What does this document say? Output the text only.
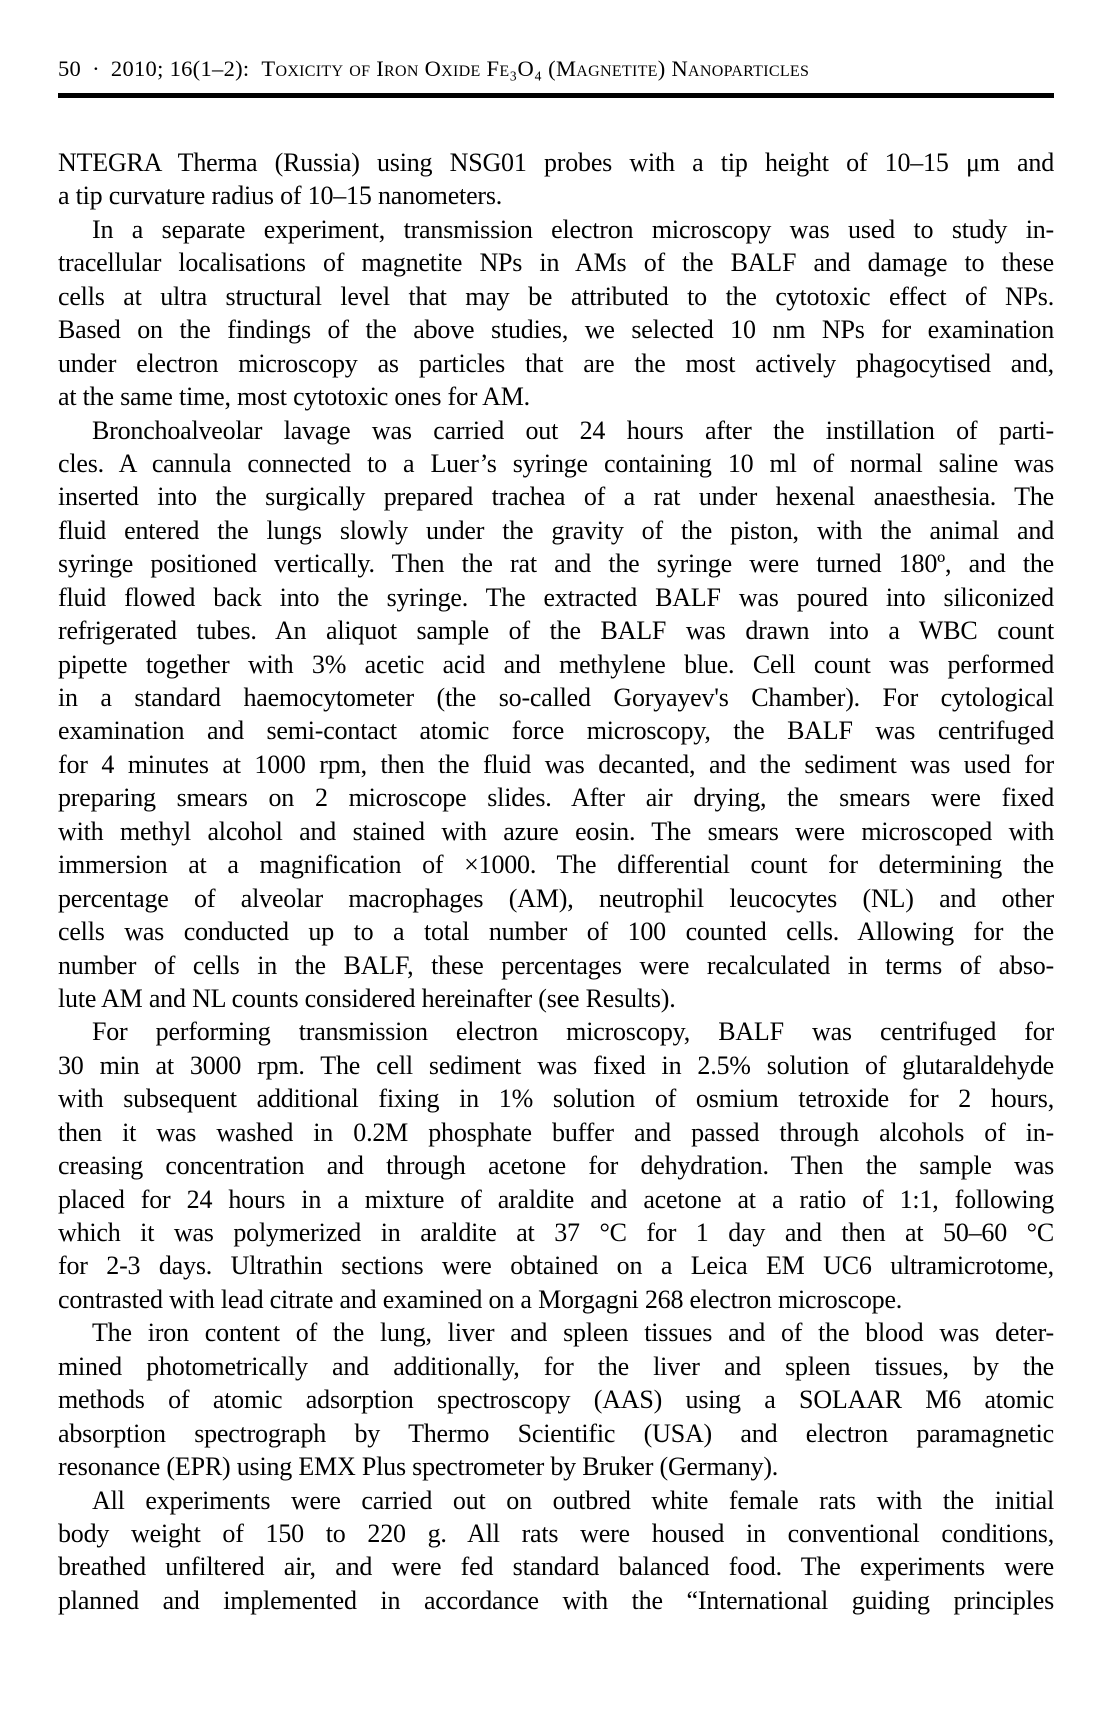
50 · 2010; 16(1–2): Toxicity of Iron Oxide Fe₃O₄ (Magnetite) Nanoparticles
NTEGRA Therma (Russia) using NSG01 probes with a tip height of 10–15 μm and
a tip curvature radius of 10–15 nanometers.
In a separate experiment, transmission electron microscopy was used to study in-
tracellular localisations of magnetite NPs in AMs of the BALF and damage to these
cells at ultra structural level that may be attributed to the cytotoxic effect of NPs.
Based on the findings of the above studies, we selected 10 nm NPs for examination
under electron microscopy as particles that are the most actively phagocytised and,
at the same time, most cytotoxic ones for AM.
Bronchoalveolar lavage was carried out 24 hours after the instillation of parti-
cles. A cannula connected to a Luer’s syringe containing 10 ml of normal saline was
inserted into the surgically prepared trachea of a rat under hexenal anaesthesia. The
fluid entered the lungs slowly under the gravity of the piston, with the animal and
syringe positioned vertically. Then the rat and the syringe were turned 180º, and the
fluid flowed back into the syringe. The extracted BALF was poured into siliconized
refrigerated tubes. An aliquot sample of the BALF was drawn into a WBC count
pipette together with 3% acetic acid and methylene blue. Cell count was performed
in a standard haemocytometer (the so-called Goryayev's Chamber). For cytological
examination and semi-contact atomic force microscopy, the BALF was centrifuged
for 4 minutes at 1000 rpm, then the fluid was decanted, and the sediment was used for
preparing smears on 2 microscope slides. After air drying, the smears were fixed
with methyl alcohol and stained with azure eosin. The smears were microscoped with
immersion at a magnification of ×1000. The differential count for determining the
percentage of alveolar macrophages (AM), neutrophil leucocytes (NL) and other
cells was conducted up to a total number of 100 counted cells. Allowing for the
number of cells in the BALF, these percentages were recalculated in terms of abso-
lute AM and NL counts considered hereinafter (see Results).
For performing transmission electron microscopy, BALF was centrifuged for
30 min at 3000 rpm. The cell sediment was fixed in 2.5% solution of glutaraldehyde
with subsequent additional fixing in 1% solution of osmium tetroxide for 2 hours,
then it was washed in 0.2M phosphate buffer and passed through alcohols of in-
creasing concentration and through acetone for dehydration. Then the sample was
placed for 24 hours in a mixture of araldite and acetone at a ratio of 1:1, following
which it was polymerized in araldite at 37 °C for 1 day and then at 50–60 °C
for 2-3 days. Ultrathin sections were obtained on a Leica EM UC6 ultramicrotome,
contrasted with lead citrate and examined on a Morgagni 268 electron microscope.
The iron content of the lung, liver and spleen tissues and of the blood was deter-
mined photometrically and additionally, for the liver and spleen tissues, by the
methods of atomic adsorption spectroscopy (AAS) using a SOLAAR M6 atomic
absorption spectrograph by Thermo Scientific (USA) and electron paramagnetic
resonance (EPR) using EMX Plus spectrometer by Bruker (Germany).
All experiments were carried out on outbred white female rats with the initial
body weight of 150 to 220 g. All rats were housed in conventional conditions,
breathed unfiltered air, and were fed standard balanced food. The experiments were
planned and implemented in accordance with the “International guiding principles
